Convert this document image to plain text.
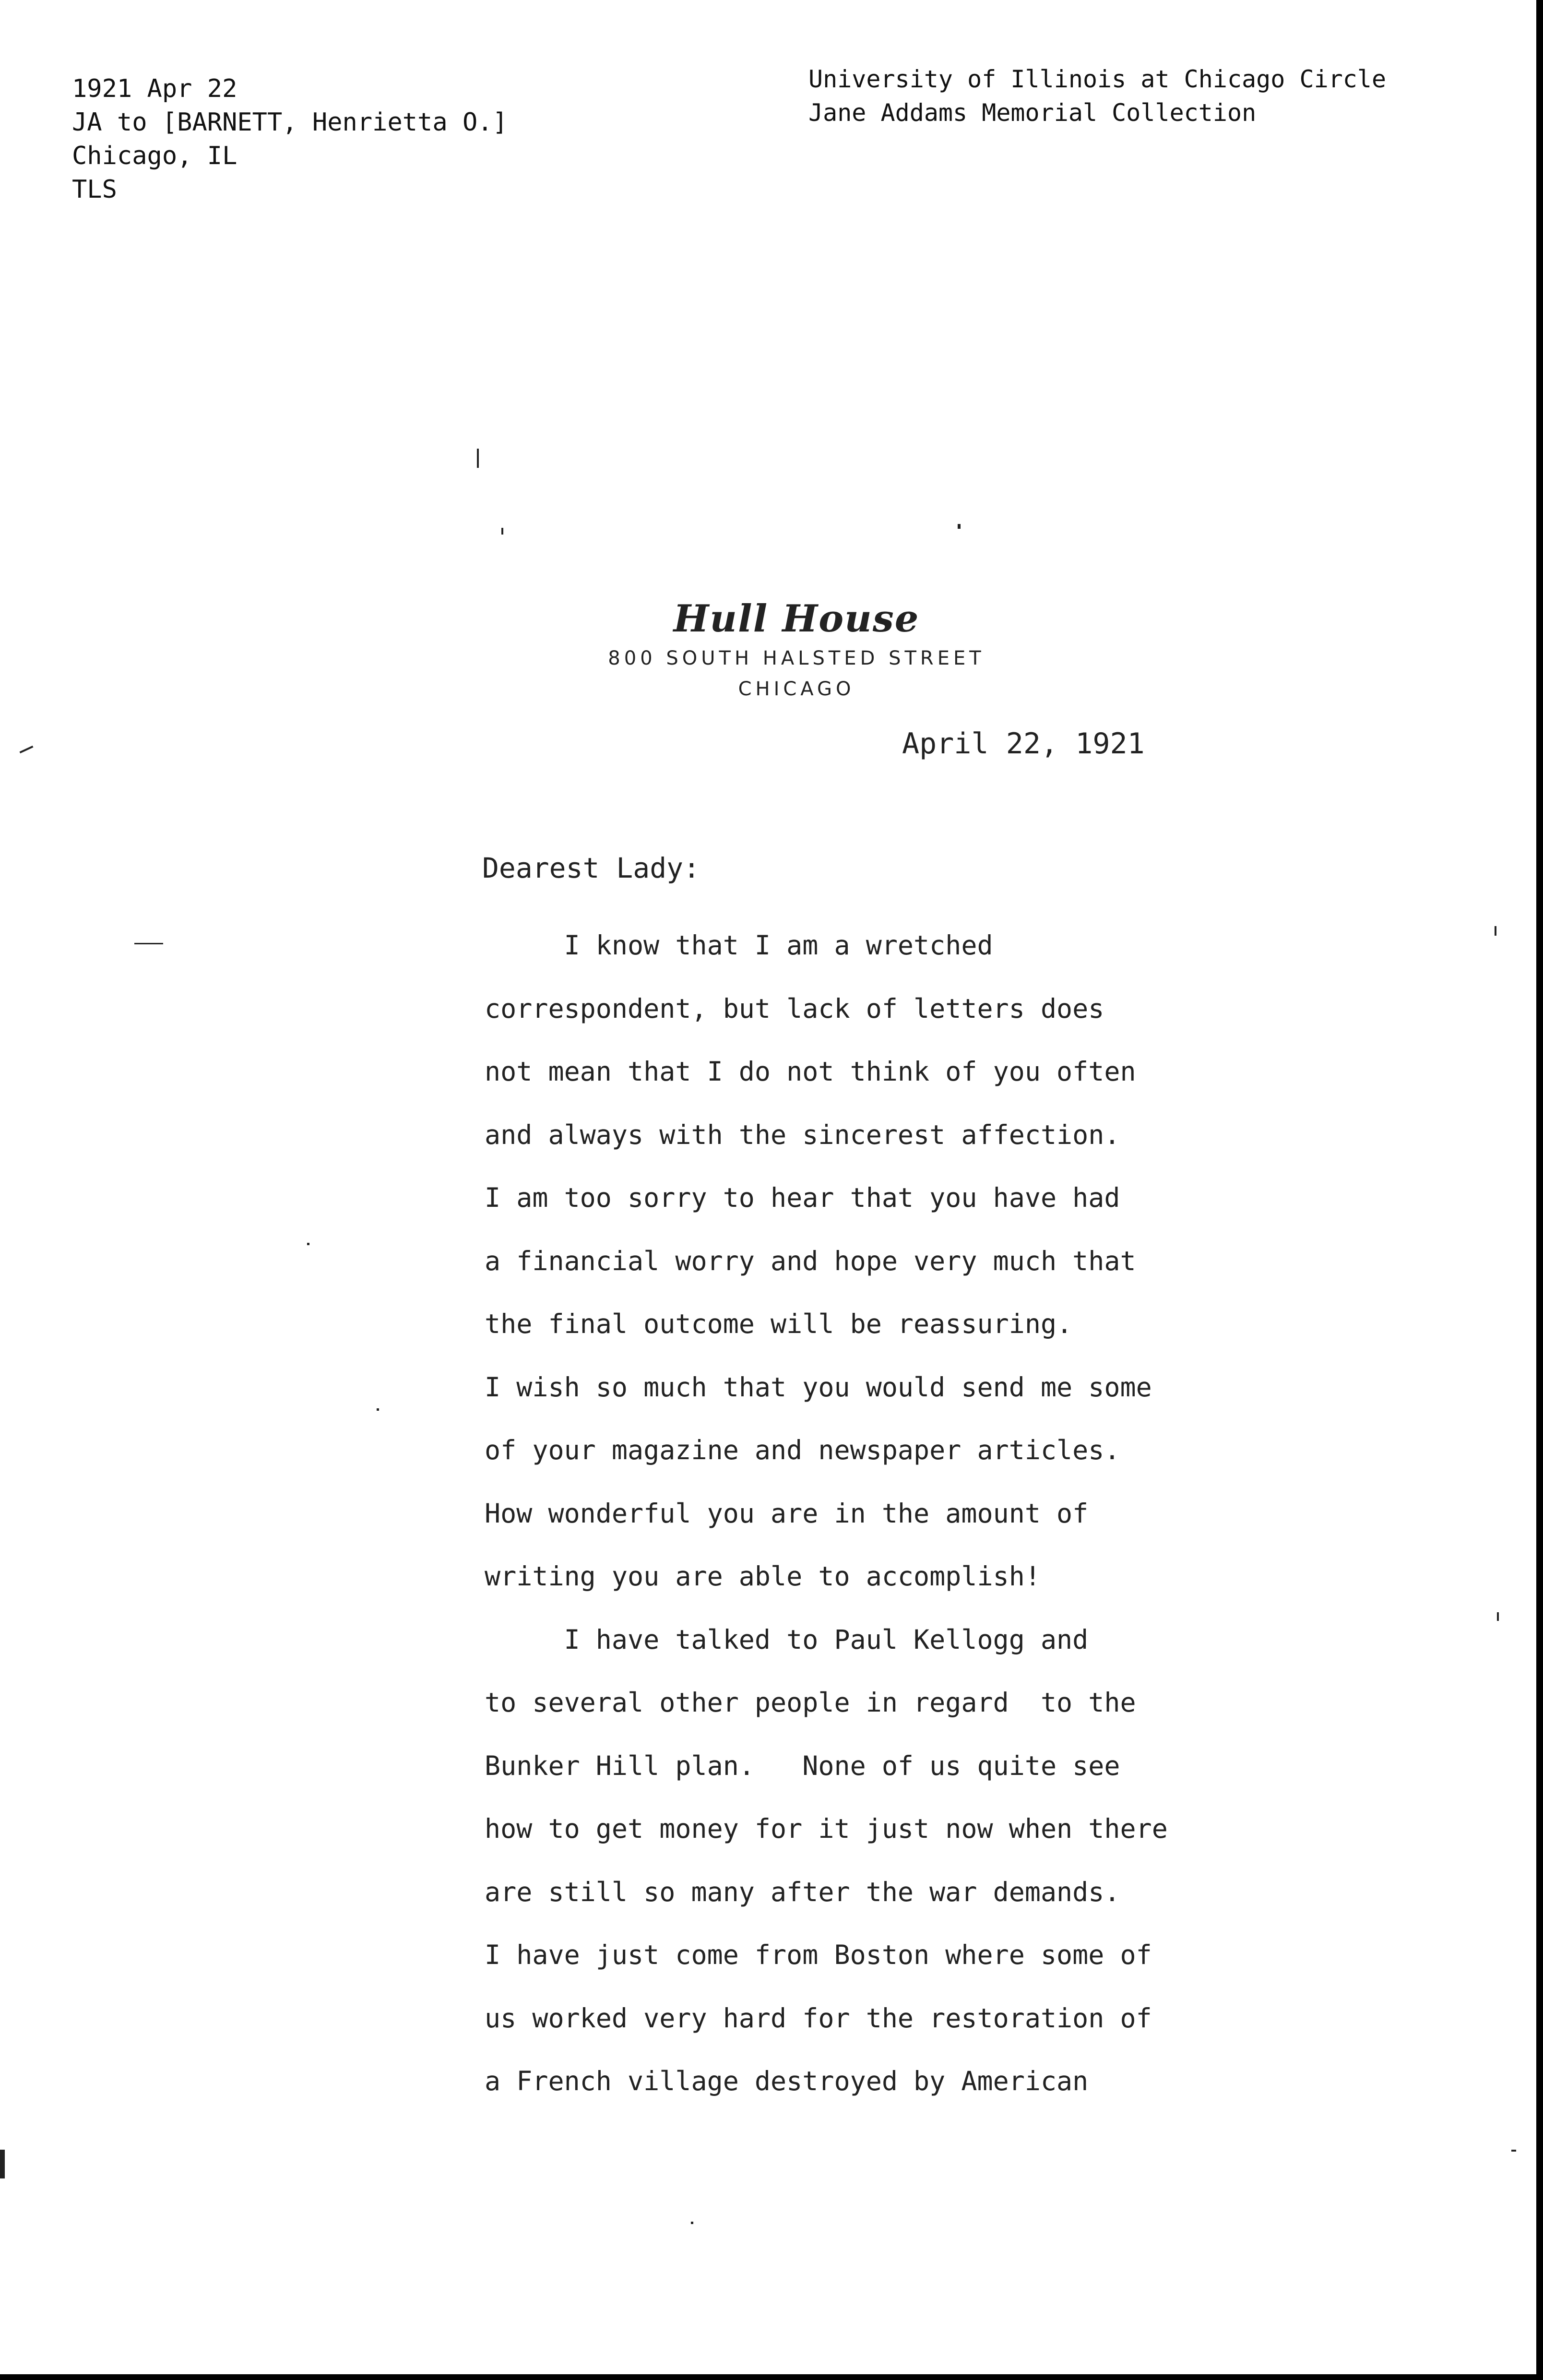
1921 Apr 22
JA to [BARNETT, Henrietta O.]
Chicago, IL
TLS
University of Illinois at Chicago Circle
Jane Addams Memorial Collection
Hull House
800 SOUTH HALSTED STREET
CHICAGO
April 22, 1921
Dearest Lady:
I know that I am a wretched
correspondent, but lack of letters does
not mean that I do not think of you often
and always with the sincerest affection.
I am too sorry to hear that you have had
a financial worry and hope very much that
the final outcome will be reassuring.
I wish so much that you would send me some
of your magazine and newspaper articles.
How wonderful you are in the amount of
writing you are able to accomplish!
I have talked to Paul Kellogg and
to several other people in regard  to the
Bunker Hill plan.   None of us quite see
how to get money for it just now when there
are still so many after the war demands.
I have just come from Boston where some of
us worked very hard for the restoration of
a French village destroyed by American
